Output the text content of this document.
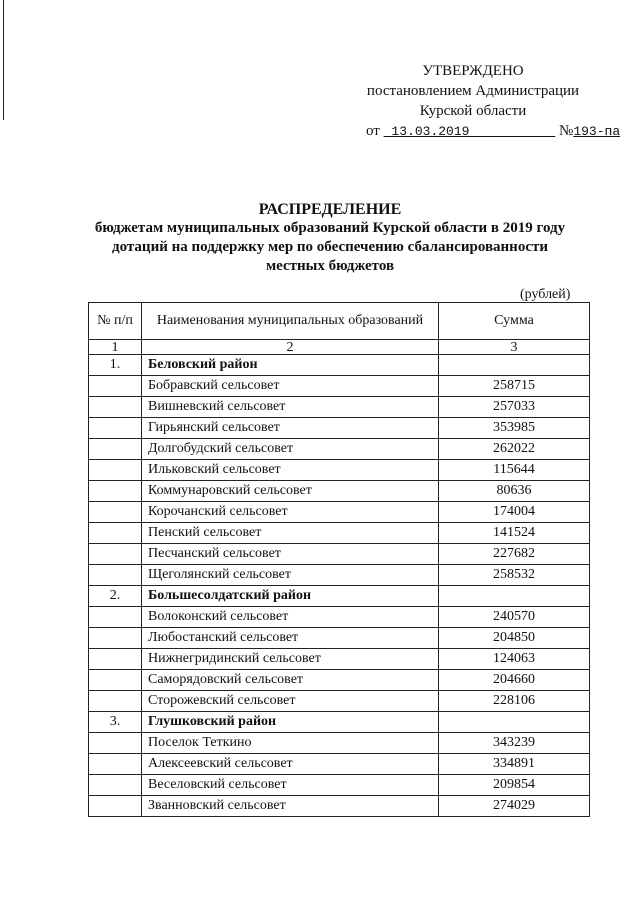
УТВЕРЖДЕНО
постановлением Администрации
Курской области
от 13.03.2019	№193-па
РАСПРЕДЕЛЕНИЕ
бюджетам муниципальных образований Курской области в 2019 году
дотаций на поддержку мер по обеспечению сбалансированности
местных бюджетов
(рублей)
№ п/п	Наименования муниципальных образований	Сумма
1	2	3
1.	Беловский район	
	Бобравский сельсовет	258715
	Вишневский сельсовет	257033
	Гирьянский сельсовет	353985
	Долгобудский сельсовет	262022
	Ильковский сельсовет	115644
	Коммунаровский сельсовет	80636
	Корочанский сельсовет	174004
	Пенский сельсовет	141524
	Песчанский сельсовет	227682
	Щеголянский сельсовет	258532
2.	Большесолдатский район	
	Волоконский сельсовет	240570
	Любостанский сельсовет	204850
	Нижнегридинский сельсовет	124063
	Саморядовский сельсовет	204660
	Сторожевский сельсовет	228106
3.	Глушковский район	
	Поселок Теткино	343239
	Алексеевский сельсовет	334891
	Веселовский сельсовет	209854
	Званновский сельсовет	274029
